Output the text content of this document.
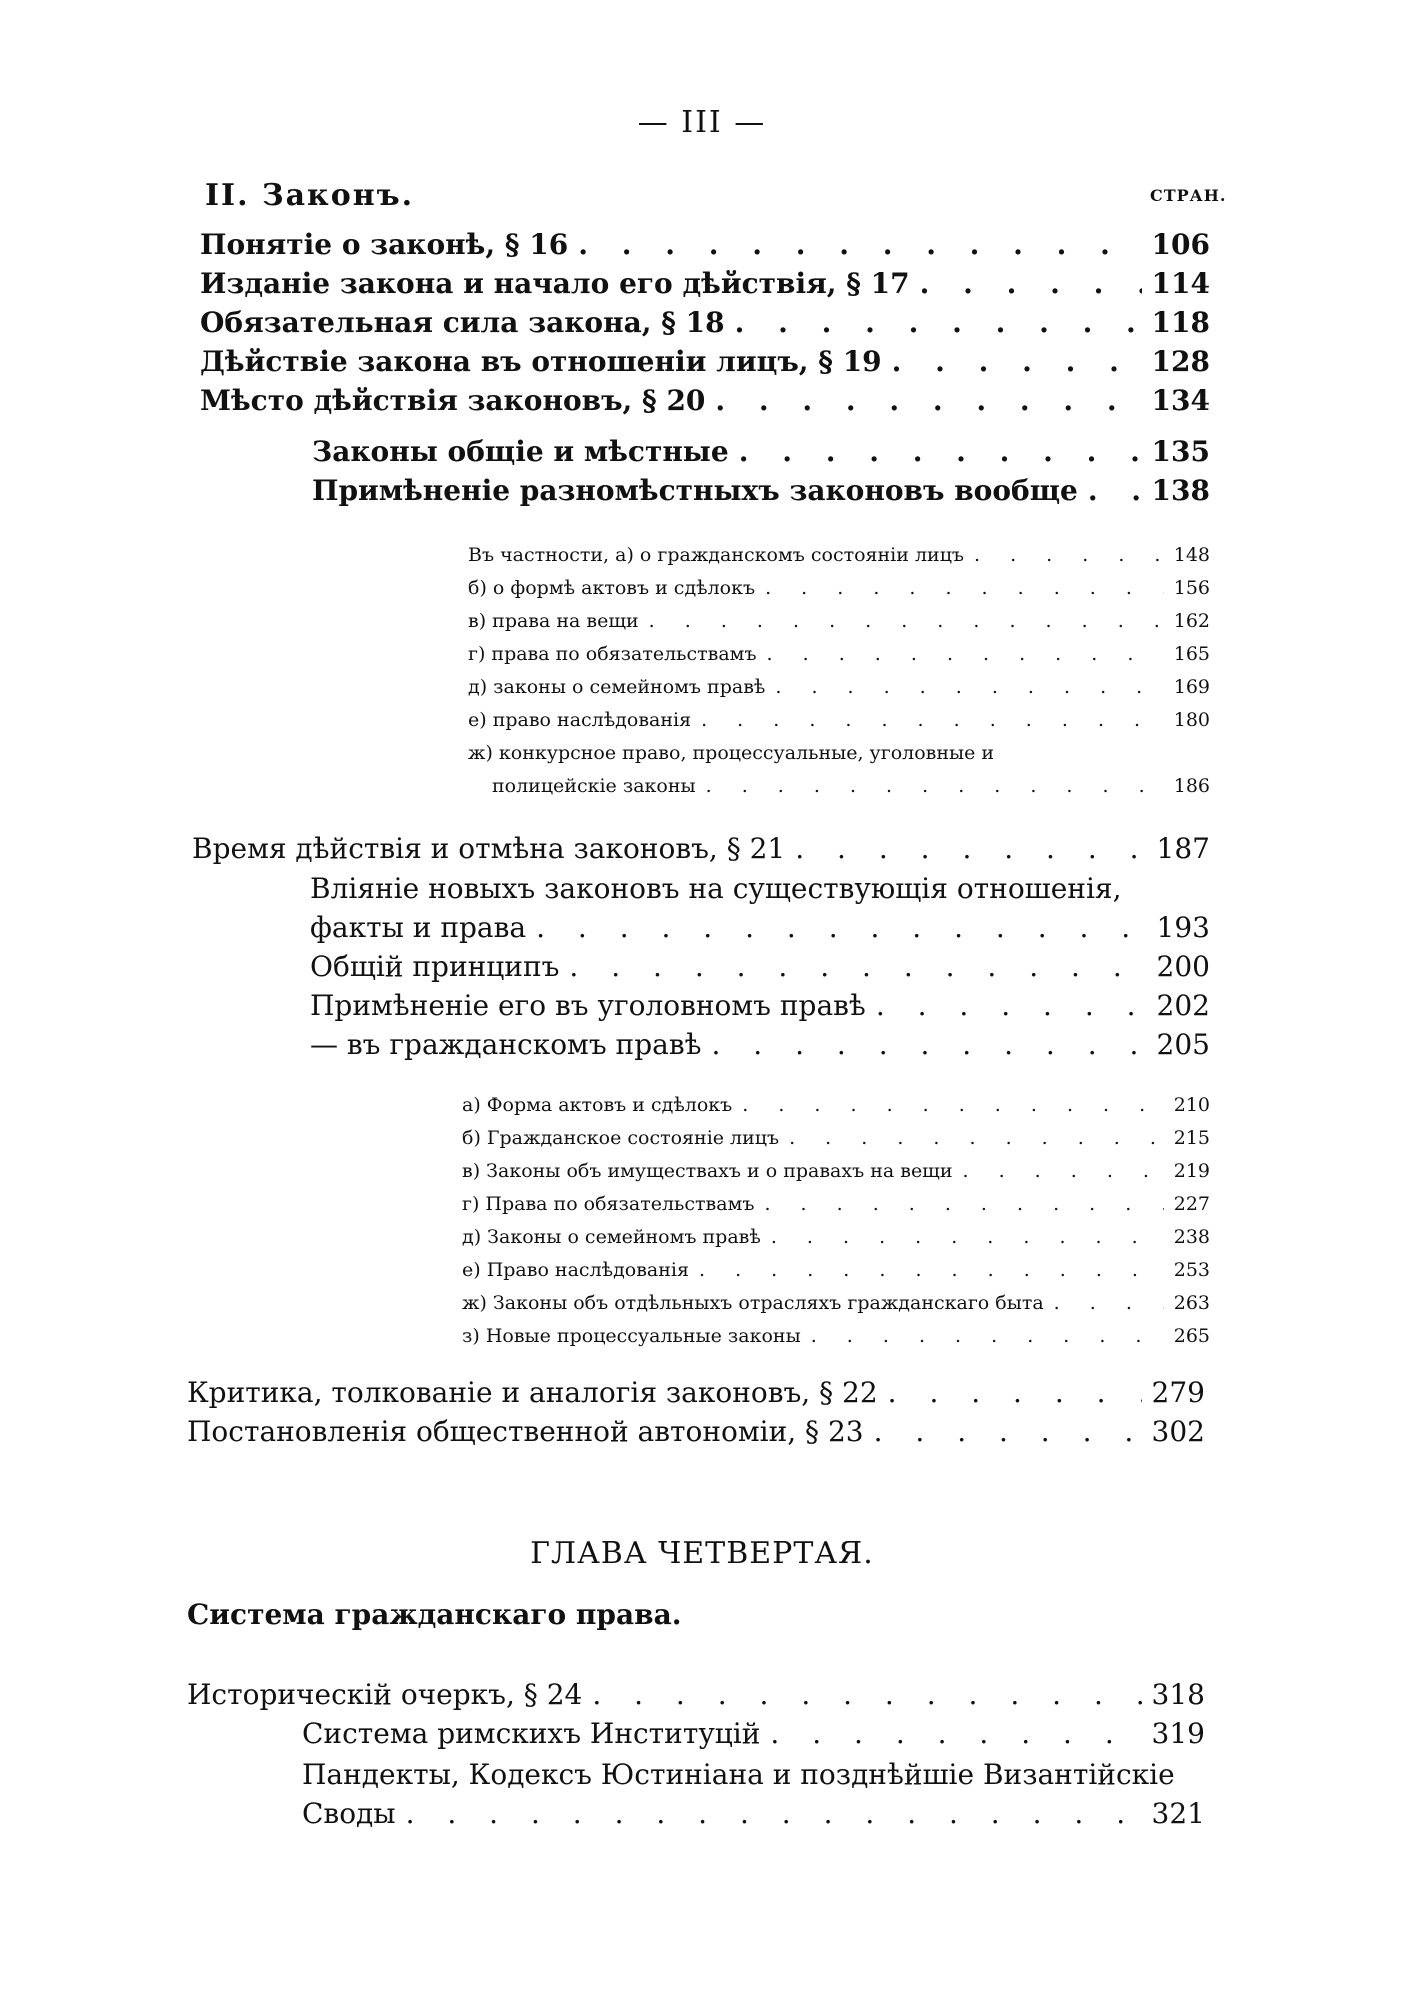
— III —
II. Законъ.	СТРАН.
Понятіе о законѣ, § 16 . . .	106
Изданіе закона и начало его дѣйствія, § 17 . . .	114
Обязательная сила закона, § 18 . . .	118
Дѣйствіе закона въ отношеніи лицъ, § 19 . . .	128
Мѣсто дѣйствія законовъ, § 20 . . .	134
Законы общіе и мѣстные . . .	135
Примѣненіе разномѣстныхъ законовъ вообще . . .	138
Въ частности, а) о гражданскомъ состояніи лицъ . . .	148
б) о формѣ актовъ и сдѣлокъ . . .	156
в) права на вещи . . .	162
г) права по обязательствамъ . . .	165
д) законы о семейномъ правѣ . . .	169
е) право наслѣдованія . . .	180
ж) конкурсное право, процессуальные, уголовные и
полицейскіе законы . . .	186
Время дѣйствія и отмѣна законовъ, § 21 . . .	187
Вліяніе новыхъ законовъ на существующія отношенія,
факты и права . . .	193
Общій принципъ . . .	200
Примѣненіе его въ уголовномъ правѣ . . .	202
— въ гражданскомъ правѣ . . .	205
а) Форма актовъ и сдѣлокъ . . .	210
б) Гражданское состояніе лицъ . . .	215
в) Законы объ имуществахъ и о правахъ на вещи . . .	219
г) Права по обязательствамъ . . .	227
д) Законы о семейномъ правѣ . . .	238
е) Право наслѣдованія . . .	253
ж) Законы объ отдѣльныхъ отрасляхъ гражданскаго быта . . .	263
з) Новые процессуальные законы . . .	265
Критика, толкованіе и аналогія законовъ, § 22 . . .	279
Постановленія общественной автономіи, § 23 . . .	302
ГЛАВА ЧЕТВЕРТАЯ.
Система гражданскаго права.
Историческій очеркъ, § 24 . . .	318
Система римскихъ Институцій . . .	319
Пандекты, Кодексъ Юстиніана и позднѣйшіе Византійскіе
Своды . . .	321
